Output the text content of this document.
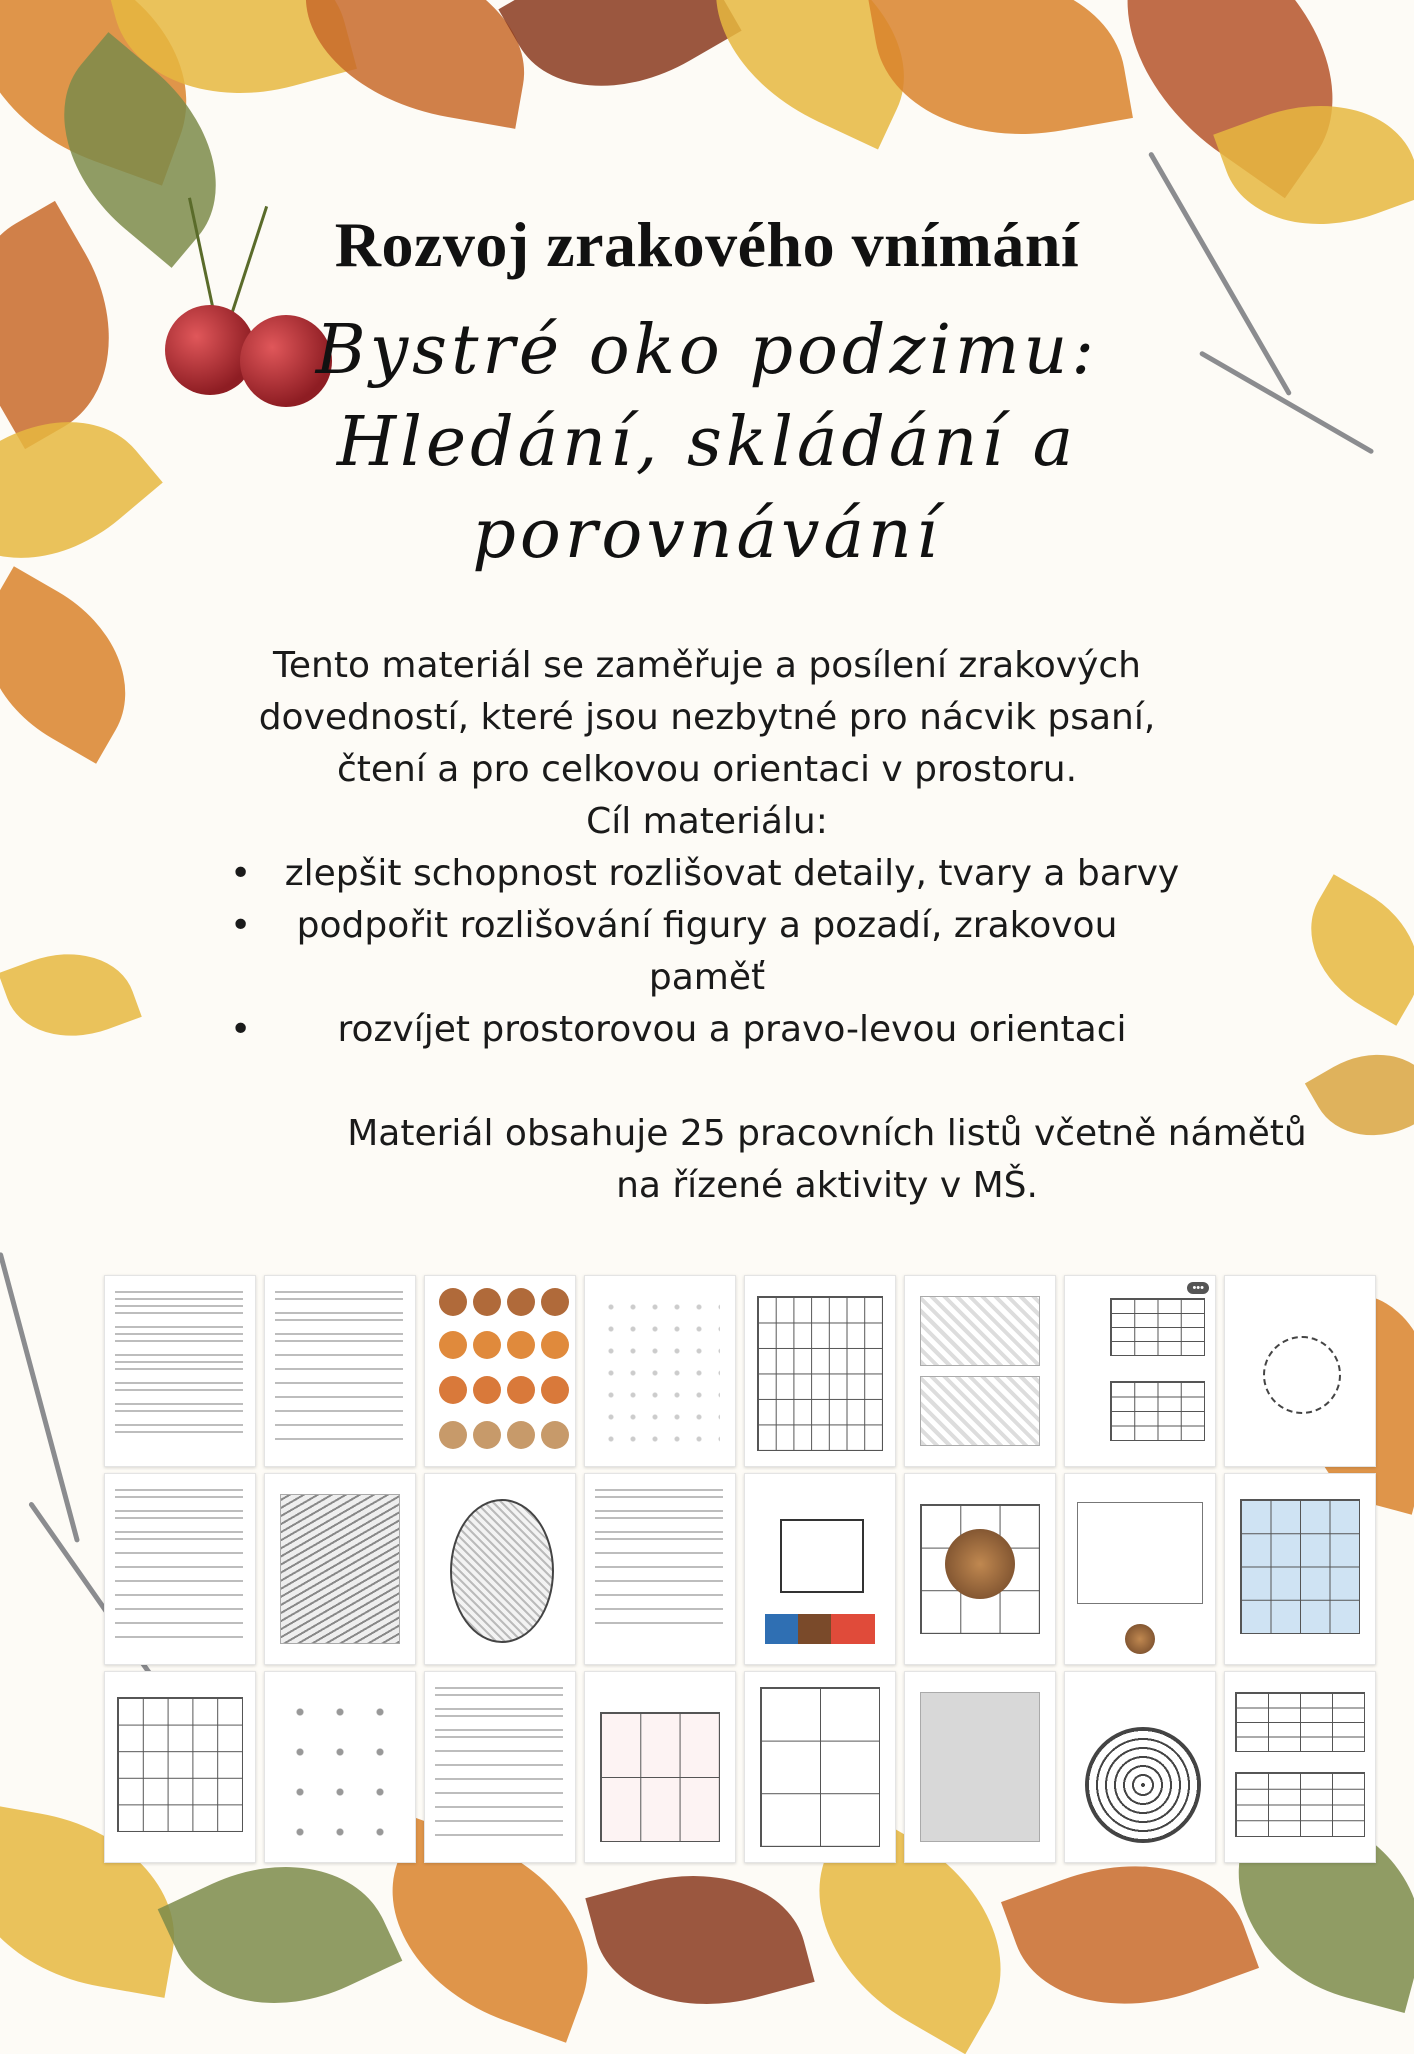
Rozvoj zrakového vnímání
Bystré oko podzimu: Hledání, skládání a porovnávání
Tento materiál se zaměřuje a posílení zrakových dovedností, které jsou nezbytné pro nácvik psaní, čtení a pro celkovou orientaci v prostoru.
Cíl materiálu:
• zlepšit schopnost rozlišovat detaily, tvary a barvy
• podpořit rozlišování figury a pozadí, zrakovou paměť
• rozvíjet prostorovou a pravo-levou orientaci
Materiál obsahuje 25 pracovních listů včetně námětů na řízené aktivity v MŠ.
•••
